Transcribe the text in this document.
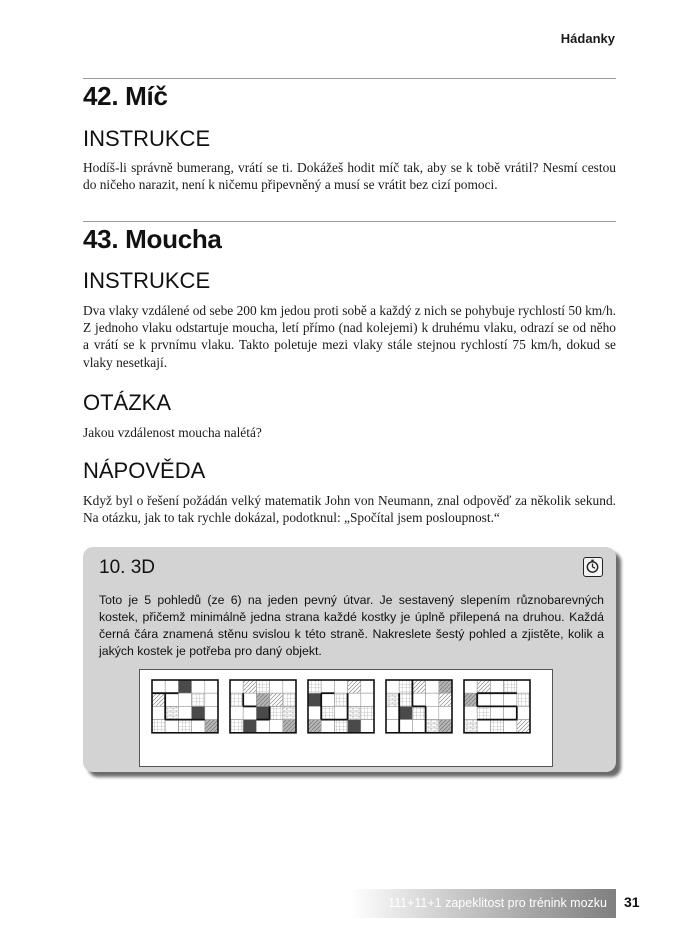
Hádanky
42. Míč
INSTRUKCE

Hodíš-li správně bumerang, vrátí se ti. Dokážeš hodit míč tak, aby se k tobě vrátil? Nesmí cestou do ničeho narazit, není k ničemu připevněný a musí se vrátit bez cizí pomoci.

43. Moucha
INSTRUKCE

Dva vlaky vzdálené od sebe 200 km jedou proti sobě a každý z nich se pohybuje rychlostí 50 km/h. Z jednoho vlaku odstartuje moucha, letí přímo (nad kolejemi) k druhému vlaku, odrazí se od něho a vrátí se k prvnímu vlaku. Takto poletuje mezi vlaky stále stejnou rychlostí 75 km/h, dokud se vlaky nesetkají.

OTÁZKA

Jakou vzdálenost moucha nalétá?

NÁPOVĚDA

Když byl o řešení požádán velký matematik John von Neumann, znal odpověď za několik sekund. Na otázku, jak to tak rychle dokázal, podotknul: „Spočítal jsem posloupnost.“

10. 3D

Toto je 5 pohledů (ze 6) na jeden pevný útvar. Je sestavený slepením různobarevných kostek, přičemž minimálně jedna strana každé kostky je úplně přilepená na druhou. Každá černá čára znamená stěnu svislou k této straně. Nakreslete šestý pohled a zjistěte, kolik a jakých kostek je potřeba pro daný objekt.

111+11+1 zapeklitost pro trénink mozku 31
